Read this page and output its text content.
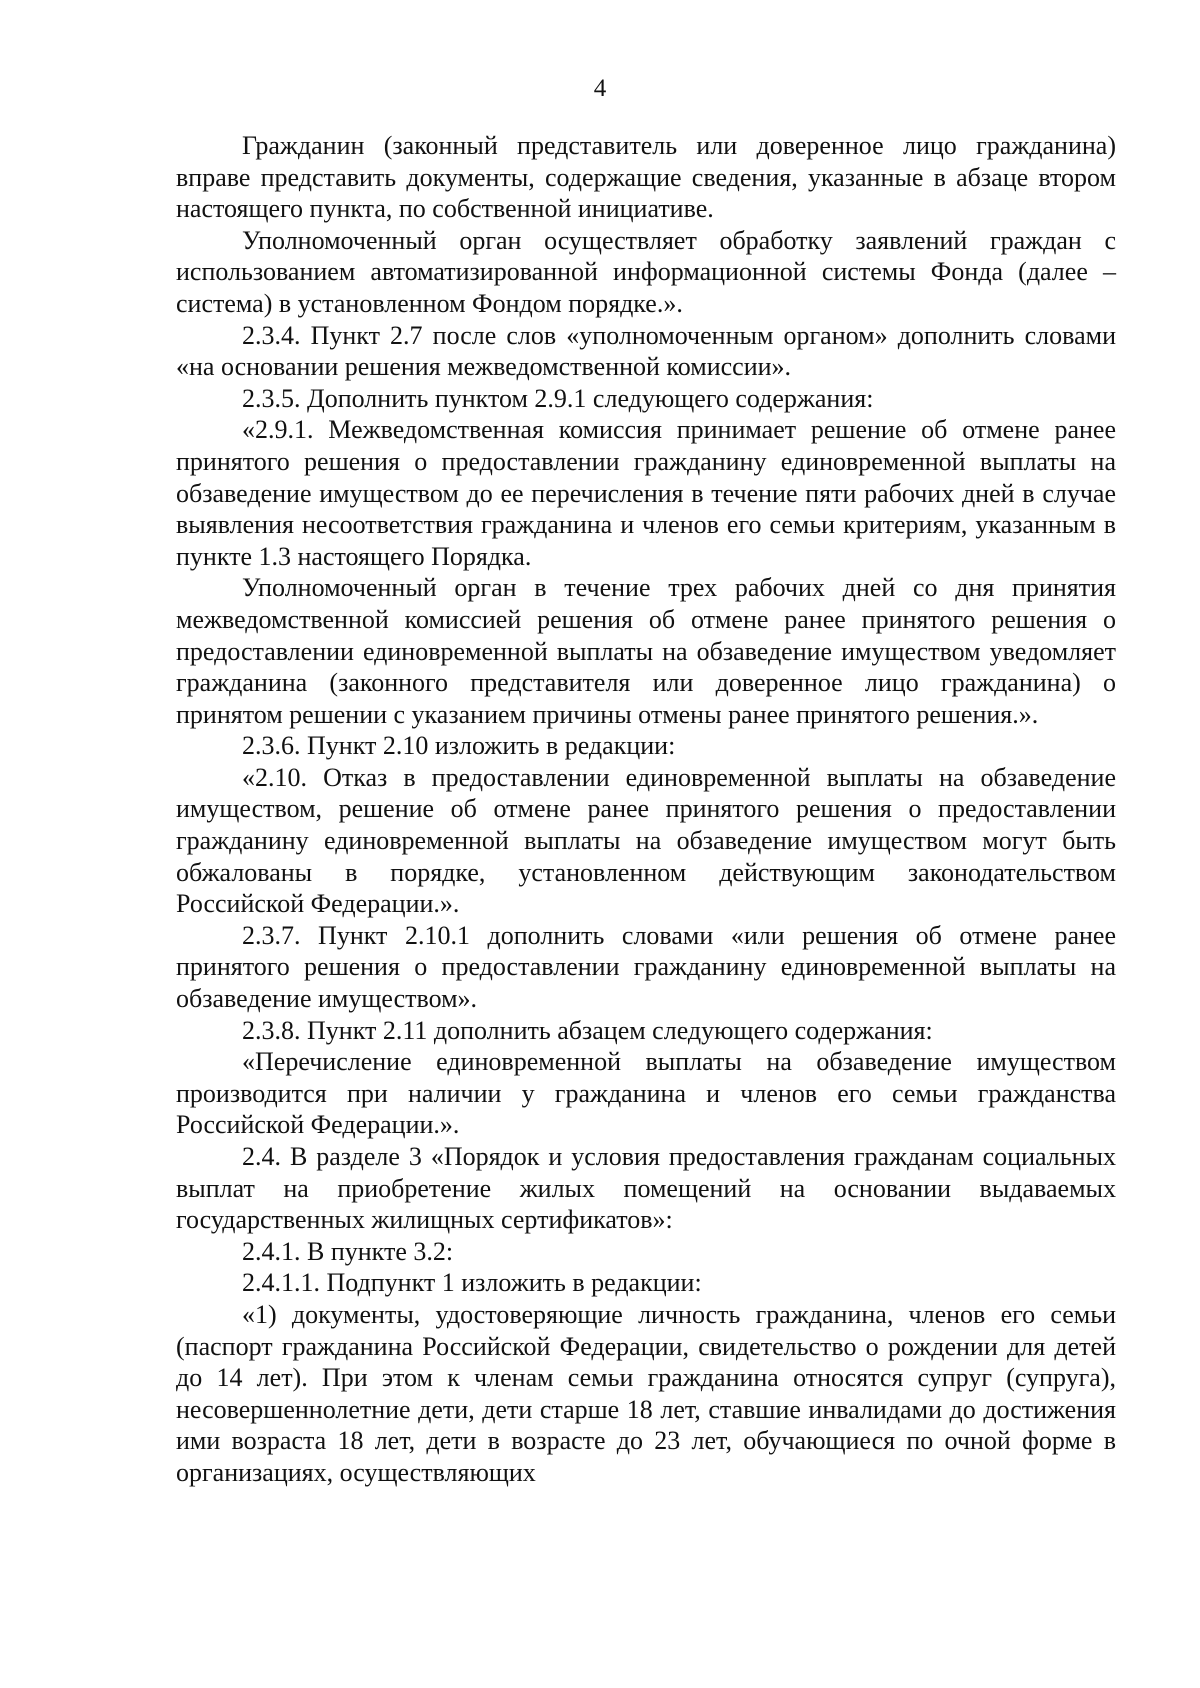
4

Гражданин (законный представитель или доверенное лицо гражданина) вправе представить документы, содержащие сведения, указанные в абзаце втором настоящего пункта, по собственной инициативе.

Уполномоченный орган осуществляет обработку заявлений граждан с использованием автоматизированной информационной системы Фонда (далее – система) в установленном Фондом порядке.».

2.3.4. Пункт 2.7 после слов «уполномоченным органом» дополнить словами «на основании решения межведомственной комиссии».

2.3.5. Дополнить пунктом 2.9.1 следующего содержания:

«2.9.1. Межведомственная комиссия принимает решение об отмене ранее принятого решения о предоставлении гражданину единовременной выплаты на обзаведение имуществом до ее перечисления в течение пяти рабочих дней в случае выявления несоответствия гражданина и членов его семьи критериям, указанным в пункте 1.3 настоящего Порядка.

Уполномоченный орган в течение трех рабочих дней со дня принятия межведомственной комиссией решения об отмене ранее принятого решения о предоставлении единовременной выплаты на обзаведение имуществом уведомляет гражданина (законного представителя или доверенное лицо гражданина) о принятом решении с указанием причины отмены ранее принятого решения.».

2.3.6. Пункт 2.10 изложить в редакции:

«2.10. Отказ в предоставлении единовременной выплаты на обзаведение имуществом, решение об отмене ранее принятого решения о предоставлении гражданину единовременной выплаты на обзаведение имуществом могут быть обжалованы в порядке, установленном действующим законодательством Российской Федерации.».

2.3.7. Пункт 2.10.1 дополнить словами «или решения об отмене ранее принятого решения о предоставлении гражданину единовременной выплаты на обзаведение имуществом».

2.3.8. Пункт 2.11 дополнить абзацем следующего содержания:

«Перечисление единовременной выплаты на обзаведение имуществом производится при наличии у гражданина и членов его семьи гражданства Российской Федерации.».

2.4. В разделе 3 «Порядок и условия предоставления гражданам социальных выплат на приобретение жилых помещений на основании выдаваемых государственных жилищных сертификатов»:

2.4.1. В пункте 3.2:

2.4.1.1. Подпункт 1 изложить в редакции:

«1) документы, удостоверяющие личность гражданина, членов его семьи (паспорт гражданина Российской Федерации, свидетельство о рождении для детей до 14 лет). При этом к членам семьи гражданина относятся супруг (супруга), несовершеннолетние дети, дети старше 18 лет, ставшие инвалидами до достижения ими возраста 18 лет, дети в возрасте до 23 лет, обучающиеся по очной форме в организациях, осуществляющих
